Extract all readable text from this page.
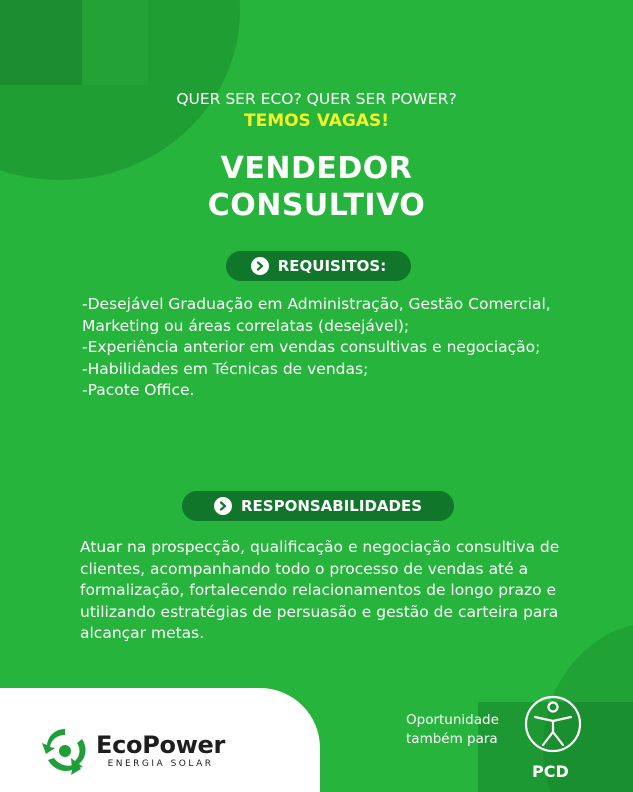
QUER SER ECO? QUER SER POWER?
TEMOS VAGAS!
VENDEDOR
CONSULTIVO
REQUISITOS:
-Desejável Graduação em Administração, Gestão Comercial, Marketing ou áreas correlatas (desejável);
-Experiência anterior em vendas consultivas e negociação;
-Habilidades em Técnicas de vendas;
-Pacote Office.
RESPONSABILIDADES

Atuar na prospecção, qualificação e negociação consultiva de clientes, acompanhando todo o processo de vendas até a formalização, fortalecendo relacionamentos de longo prazo e utilizando estratégias de persuasão e gestão de carteira para alcançar metas.

EcoPower
ENERGIA SOLAR
Oportunidade
também para
PCD
